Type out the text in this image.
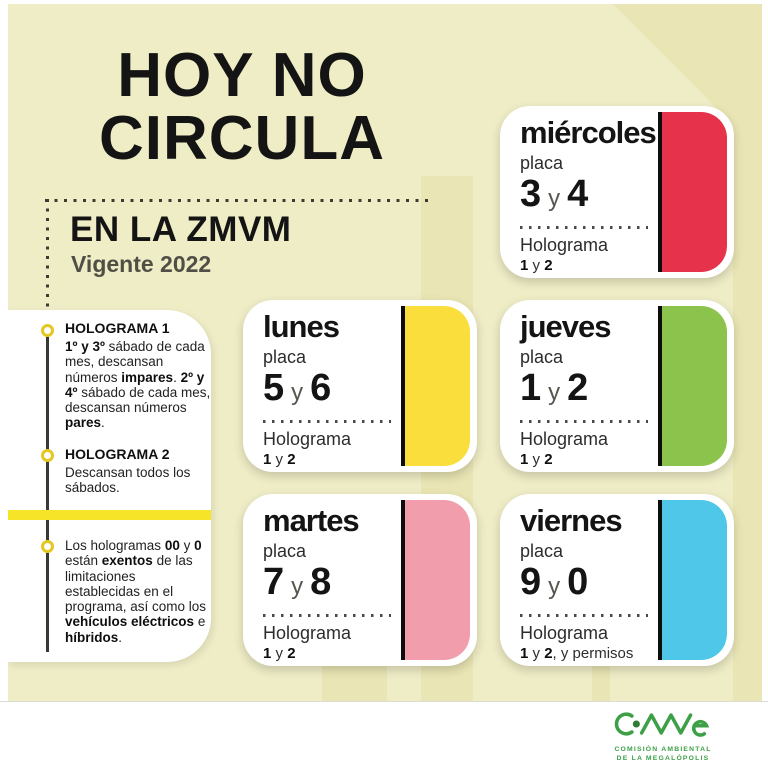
HOY NO
CIRCULA
EN LA ZMVM
Vigente 2022

HOLOGRAMA 1

1º y 3º sábado de cada mes, descansan números impares. 2º y 4º sábado de cada mes, descansan números pares.

HOLOGRAMA 2

Descansan todos los sábados.

Los hologramas 00 y 0 están exentos de las limitaciones establecidas en el programa, así como los vehículos eléctricos e híbridos.

miércoles
placa
3 y 4
Holograma
1 y 2
lunes
placa
5 y 6
Holograma
1 y 2
jueves
placa
1 y 2
Holograma
1 y 2
martes
placa
7 y 8
Holograma
1 y 2
viernes
placa
9 y 0
Holograma
1 y 2, y permisos
COMISIÓN AMBIENTAL
DE LA MEGALÓPOLIS
